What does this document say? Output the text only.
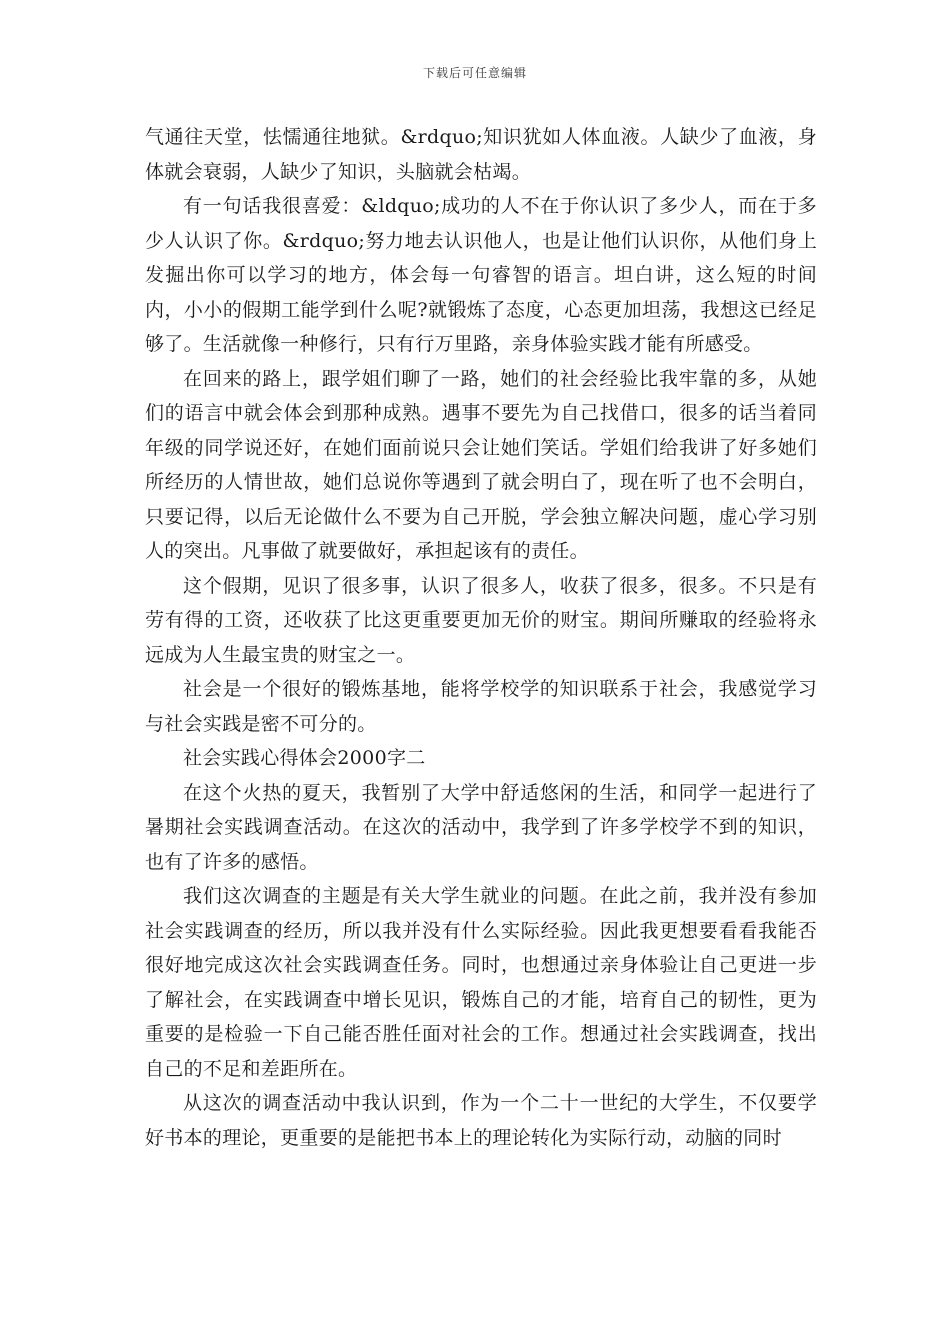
下载后可任意编辑

气通往天堂，怯懦通往地狱。&rdquo;知识犹如人体血液。人缺少了血液，身体就会衰弱，人缺少了知识，头脑就会枯竭。

有一句话我很喜爱：&ldquo;成功的人不在于你认识了多少人，而在于多少人认识了你。&rdquo;努力地去认识他人，也是让他们认识你，从他们身上发掘出你可以学习的地方，体会每一句睿智的语言。坦白讲，这么短的时间内，小小的假期工能学到什么呢?就锻炼了态度，心态更加坦荡，我想这已经足够了。生活就像一种修行，只有行万里路，亲身体验实践才能有所感受。

在回来的路上，跟学姐们聊了一路，她们的社会经验比我牢靠的多，从她们的语言中就会体会到那种成熟。遇事不要先为自己找借口，很多的话当着同年级的同学说还好，在她们面前说只会让她们笑话。学姐们给我讲了好多她们所经历的人情世故，她们总说你等遇到了就会明白了，现在听了也不会明白，只要记得，以后无论做什么不要为自己开脱，学会独立解决问题，虚心学习别人的突出。凡事做了就要做好，承担起该有的责任。

这个假期，见识了很多事，认识了很多人，收获了很多，很多。不只是有劳有得的工资，还收获了比这更重要更加无价的财宝。期间所赚取的经验将永远成为人生最宝贵的财宝之一。

社会是一个很好的锻炼基地，能将学校学的知识联系于社会，我感觉学习与社会实践是密不可分的。

社会实践心得体会2000字二

在这个火热的夏天，我暂别了大学中舒适悠闲的生活，和同学一起进行了暑期社会实践调查活动。在这次的活动中，我学到了许多学校学不到的知识，也有了许多的感悟。

我们这次调查的主题是有关大学生就业的问题。在此之前，我并没有参加社会实践调查的经历，所以我并没有什么实际经验。因此我更想要看看我能否很好地完成这次社会实践调查任务。同时，也想通过亲身体验让自己更进一步了解社会，在实践调查中增长见识，锻炼自己的才能，培育自己的韧性，更为重要的是检验一下自己能否胜任面对社会的工作。想通过社会实践调查，找出自己的不足和差距所在。

从这次的调查活动中我认识到，作为一个二十一世纪的大学生，不仅要学好书本的理论，更重要的是能把书本上的理论转化为实际行动，动脑的同时
